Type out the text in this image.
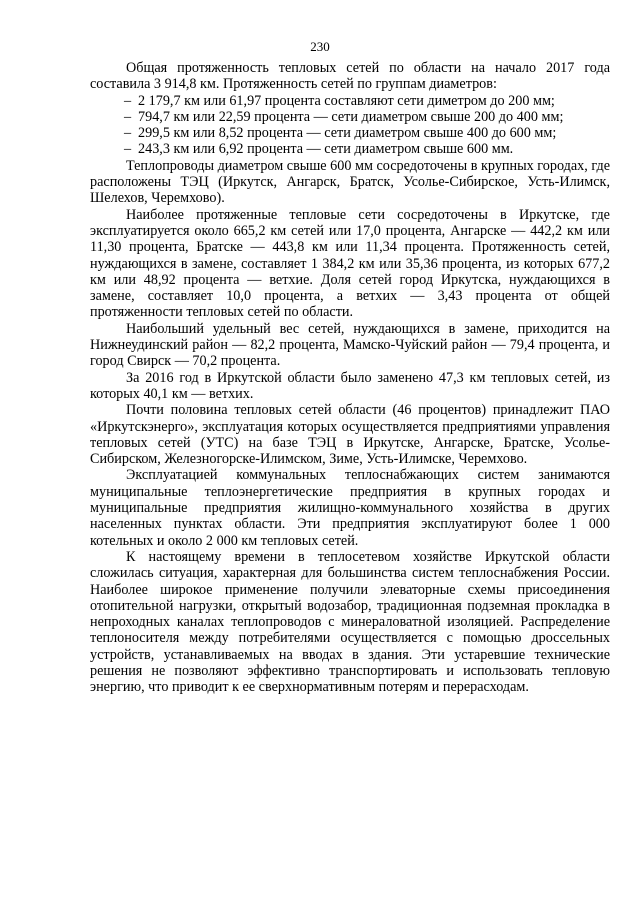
230

Общая протяженность тепловых сетей по области на начало 2017 года составила 3 914,8 км. Протяженность сетей по группам диаметров:

– 2 179,7 км или 61,97 процента составляют сети диметром до 200 мм;
– 794,7 км или 22,59 процента — сети диаметром свыше 200 до 400 мм;
– 299,5 км или 8,52 процента — сети диаметром свыше 400 до 600 мм;
– 243,3 км или 6,92 процента — сети диаметром свыше 600 мм.

Теплопроводы диаметром свыше 600 мм сосредоточены в крупных городах, где расположены ТЭЦ (Иркутск, Ангарск, Братск, Усолье-Сибирское, Усть-Илимск, Шелехов, Черемхово).

Наиболее протяженные тепловые сети сосредоточены в Иркутске, где эксплуатируется около 665,2 км сетей или 17,0 процента, Ангарске — 442,2 км или 11,30 процента, Братске — 443,8 км или 11,34 процента. Протяженность сетей, нуждающихся в замене, составляет 1 384,2 км или 35,36 процента, из которых 677,2 км или 48,92 процента — ветхие. Доля сетей город Иркутска, нуждающихся в замене, составляет 10,0 процента, а ветхих — 3,43 процента от общей протяженности тепловых сетей по области.

Наибольший удельный вес сетей, нуждающихся в замене, приходится на Нижнеудинский район — 82,2 процента, Мамско-Чуйский район — 79,4 процента, и город Свирск — 70,2 процента.

За 2016 год в Иркутской области было заменено 47,3 км тепловых сетей, из которых 40,1 км — ветхих.

Почти половина тепловых сетей области (46 процентов) принадлежит ПАО «Иркутскэнерго», эксплуатация которых осуществляется предприятиями управления тепловых сетей (УТС) на базе ТЭЦ в Иркутске, Ангарске, Братске, Усолье-Сибирском, Железногорске-Илимском, Зиме, Усть-Илимске, Черемхово.

Эксплуатацией коммунальных теплоснабжающих систем занимаются муниципальные теплоэнергетические предприятия в крупных городах и муниципальные предприятия жилищно-коммунального хозяйства в других населенных пунктах области. Эти предприятия эксплуатируют более 1 000 котельных и около 2 000 км тепловых сетей.

К настоящему времени в теплосетевом хозяйстве Иркутской области сложилась ситуация, характерная для большинства систем теплоснабжения России. Наиболее широкое применение получили элеваторные схемы присоединения отопительной нагрузки, открытый водозабор, традиционная подземная прокладка в непроходных каналах теплопроводов с минераловатной изоляцией. Распределение теплоносителя между потребителями осуществляется с помощью дроссельных устройств, устанавливаемых на вводах в здания. Эти устаревшие технические решения не позволяют эффективно транспортировать и использовать тепловую энергию, что приводит к ее сверхнормативным потерям и перерасходам.
